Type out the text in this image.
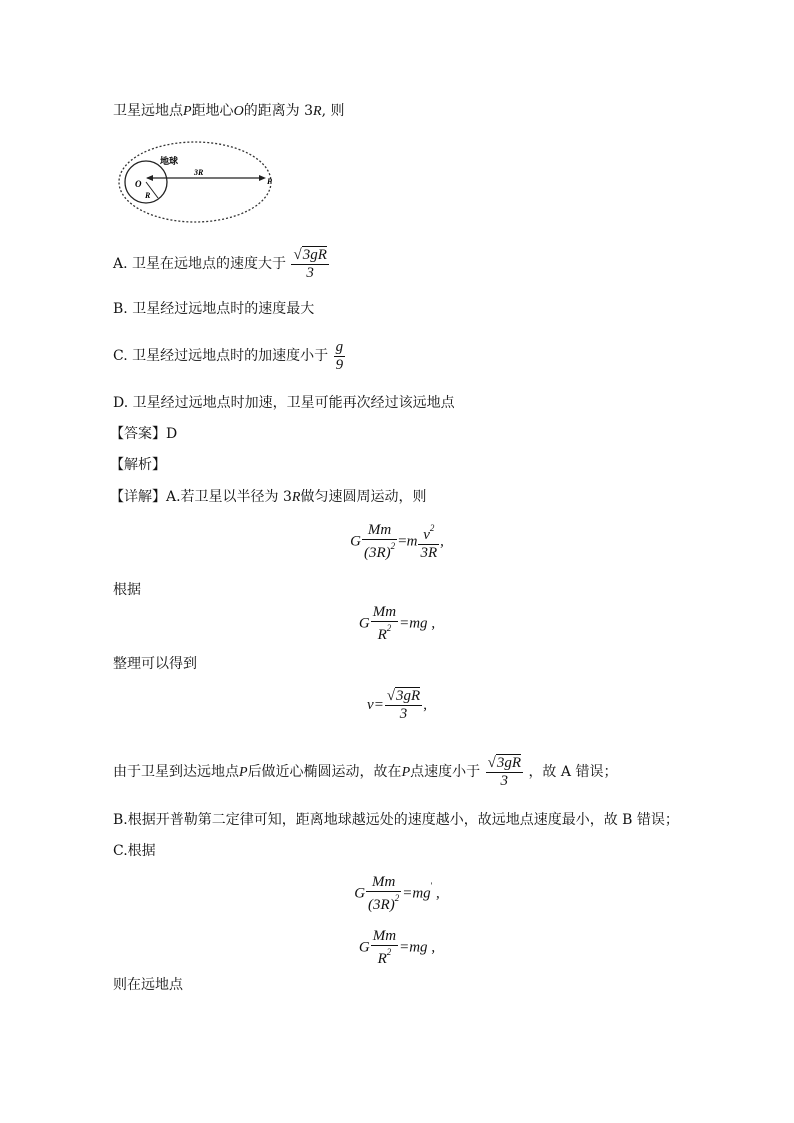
卫星远地点P距地心O的距离为 3R, 则
地球
O
R
3R
P
A. 卫星在远地点的速度大于 $\frac{√3gR}{3}$
B. 卫星经过远地点时的速度最大
C. 卫星经过远地点时的加速度小于 $\frac{g}{9}$
D. 卫星经过远地点时加速，卫星可能再次经过该远地点
【答案】D
【解析】
【详解】A.若卫星以半径为 3R做匀速圆周运动，则
G $\frac{Mm}{(3R)^2} =m \frac{v^2}{3R}$ ,
根据
G $\frac{Mm}{R^2} =mg$ ,
整理可以得到
$v= \frac{√3gR}{3}$ ,
由于卫星到达远地点P后做近心椭圆运动，故在P点速度小于 $\frac{√3gR}{3}$ ，故 A 错误；
B.根据开普勒第二定律可知，距离地球越远处的速度越小，故远地点速度最小，故 B 错误；
C.根据
G $\frac{Mm}{(3R)^2} =mg'$ ,
G $\frac{Mm}{R^2} =mg$ ,
则在远地点
